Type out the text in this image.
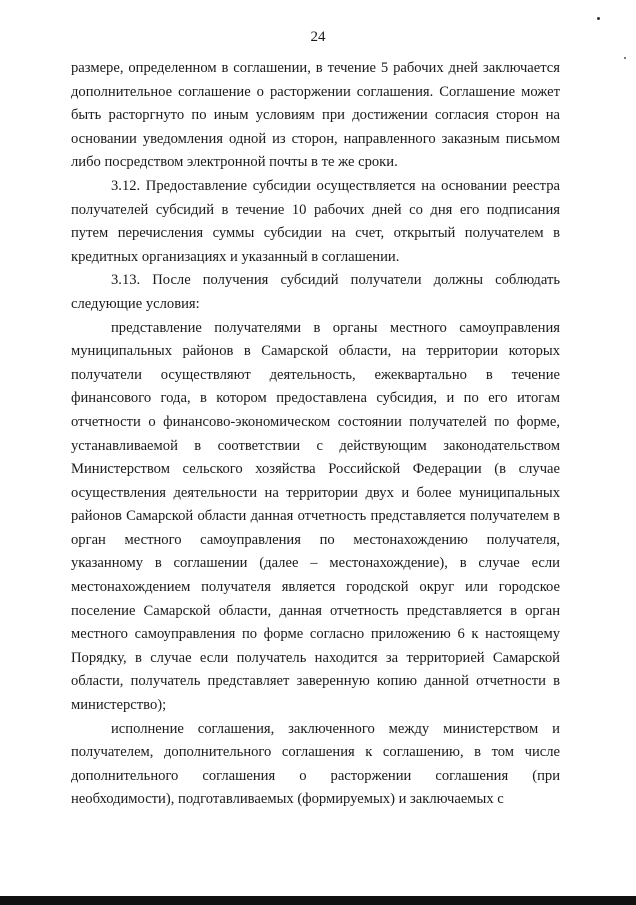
24

размере, определенном в соглашении, в течение 5 рабочих дней заключается дополнительное соглашение о расторжении соглашения. Соглашение может быть расторгнуто по иным условиям при достижении согласия сторон на основании уведомления одной из сторон, направленного заказным письмом либо посредством электронной почты в те же сроки.

3.12. Предоставление субсидии осуществляется на основании реестра получателей субсидий в течение 10 рабочих дней со дня его подписания путем перечисления суммы субсидии на счет, открытый получателем в кредитных организациях и указанный в соглашении.

3.13. После получения субсидий получатели должны соблюдать следующие условия:

представление получателями в органы местного самоуправления муниципальных районов в Самарской области, на территории которых получатели осуществляют деятельность, ежеквартально в течение финансового года, в котором предоставлена субсидия, и по его итогам отчетности о финансово-экономическом состоянии получателей по форме, устанавливаемой в соответствии с действующим законодательством Министерством сельского хозяйства Российской Федерации (в случае осуществления деятельности на территории двух и более муниципальных районов Самарской области данная отчетность представляется получателем в орган местного самоуправления по местонахождению получателя, указанному в соглашении (далее – местонахождение), в случае если местонахождением получателя является городской округ или городское поселение Самарской области, данная отчетность представляется в орган местного самоуправления по форме согласно приложению 6 к настоящему Порядку, в случае если получатель находится за территорией Самарской области, получатель представляет заверенную копию данной отчетности в министерство);

исполнение соглашения, заключенного между министерством и получателем, дополнительного соглашения к соглашению, в том числе дополнительного соглашения о расторжении соглашения (при необходимости), подготавливаемых (формируемых) и заключаемых с
